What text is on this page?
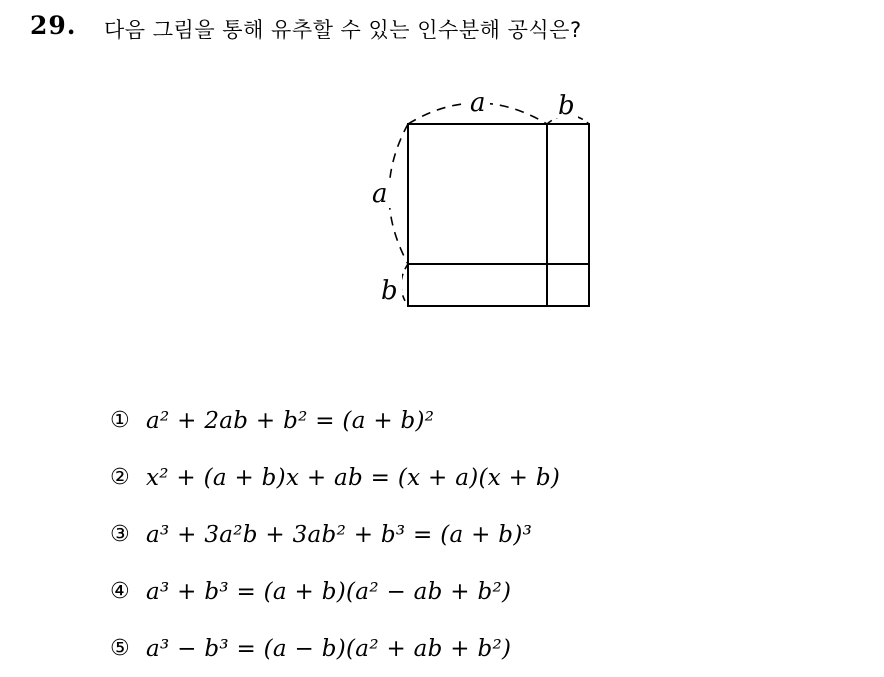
29. 다음 그림을 통해 유추할 수 있는 인수분해 공식은?
a	b
a
b
① a² + 2ab + b² = (a + b)²
② x² + (a + b)x + ab = (x + a)(x + b)
③ a³ + 3a²b + 3ab² + b³ = (a + b)³
④ a³ + b³ = (a + b)(a² − ab + b²)
⑤ a³ − b³ = (a − b)(a² + ab + b²)
